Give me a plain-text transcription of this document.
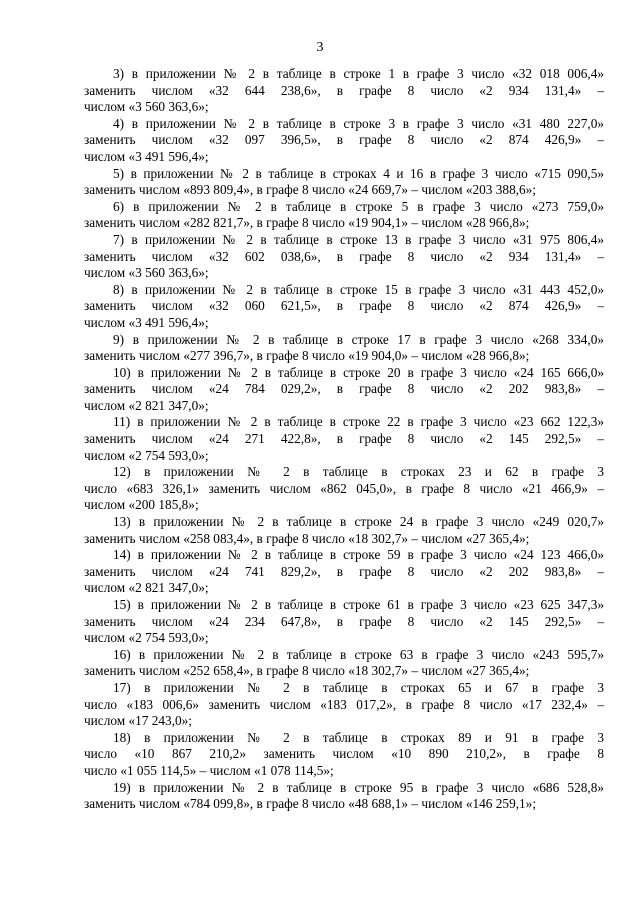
3
3) в приложении № 2 в таблице в строке 1 в графе 3 число «32 018 006,4»
заменить числом «32 644 238,6», в графе 8 число «2 934 131,4» –
числом «3 560 363,6»;
4) в приложении № 2 в таблице в строке 3 в графе 3 число «31 480 227,0»
заменить числом «32 097 396,5», в графе 8 число «2 874 426,9» –
числом «3 491 596,4»;
5) в приложении № 2 в таблице в строках 4 и 16 в графе 3 число «715 090,5»
заменить числом «893 809,4», в графе 8 число «24 669,7» – числом «203 388,6»;
6) в приложении № 2 в таблице в строке 5 в графе 3 число «273 759,0»
заменить числом «282 821,7», в графе 8 число «19 904,1» – числом «28 966,8»;
7) в приложении № 2 в таблице в строке 13 в графе 3 число «31 975 806,4»
заменить числом «32 602 038,6», в графе 8 число «2 934 131,4» –
числом «3 560 363,6»;
8) в приложении № 2 в таблице в строке 15 в графе 3 число «31 443 452,0»
заменить числом «32 060 621,5», в графе 8 число «2 874 426,9» –
числом «3 491 596,4»;
9) в приложении № 2 в таблице в строке 17 в графе 3 число «268 334,0»
заменить числом «277 396,7», в графе 8 число «19 904,0» – числом «28 966,8»;
10) в приложении № 2 в таблице в строке 20 в графе 3 число «24 165 666,0»
заменить числом «24 784 029,2», в графе 8 число «2 202 983,8» –
числом «2 821 347,0»;
11) в приложении № 2 в таблице в строке 22 в графе 3 число «23 662 122,3»
заменить числом «24 271 422,8», в графе 8 число «2 145 292,5» –
числом «2 754 593,0»;
12) в приложении № 2 в таблице в строках 23 и 62 в графе 3
число «683 326,1» заменить числом «862 045,0», в графе 8 число «21 466,9» –
числом «200 185,8»;
13) в приложении № 2 в таблице в строке 24 в графе 3 число «249 020,7»
заменить числом «258 083,4», в графе 8 число «18 302,7» – числом «27 365,4»;
14) в приложении № 2 в таблице в строке 59 в графе 3 число «24 123 466,0»
заменить числом «24 741 829,2», в графе 8 число «2 202 983,8» –
числом «2 821 347,0»;
15) в приложении № 2 в таблице в строке 61 в графе 3 число «23 625 347,3»
заменить числом «24 234 647,8», в графе 8 число «2 145 292,5» –
числом «2 754 593,0»;
16) в приложении № 2 в таблице в строке 63 в графе 3 число «243 595,7»
заменить числом «252 658,4», в графе 8 число «18 302,7» – числом «27 365,4»;
17) в приложении № 2 в таблице в строках 65 и 67 в графе 3
число «183 006,6» заменить числом «183 017,2», в графе 8 число «17 232,4» –
числом «17 243,0»;
18) в приложении № 2 в таблице в строках 89 и 91 в графе 3
число «10 867 210,2» заменить числом «10 890 210,2», в графе 8
число «1 055 114,5» – числом «1 078 114,5»;
19) в приложении № 2 в таблице в строке 95 в графе 3 число «686 528,8»
заменить числом «784 099,8», в графе 8 число «48 688,1» – числом «146 259,1»;
